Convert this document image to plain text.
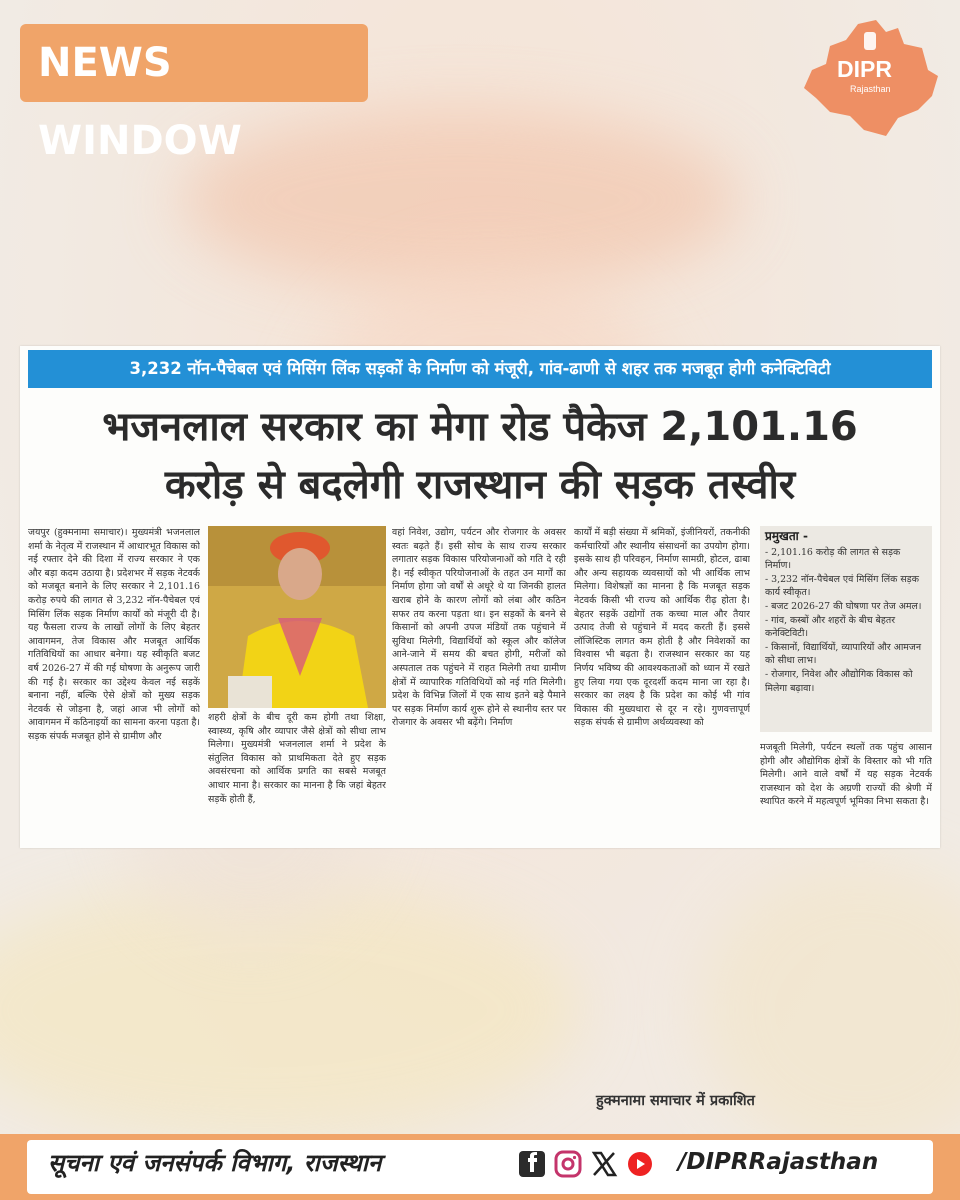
NEWS WINDOW
DIPR
Rajasthan
3,232 नॉन-पैचेबल एवं मिसिंग लिंक सड़कों के निर्माण को मंजूरी, गांव-ढाणी से शहर तक मजबूत होगी कनेक्टिविटी
भजनलाल सरकार का मेगा रोड पैकेज 2,101.16
करोड़ से बदलेगी राजस्थान की सड़क तस्वीर
जयपुर (हुक्मनामा समाचार)। मुख्यमंत्री भजनलाल शर्मा के नेतृत्व में राजस्थान में आधारभूत विकास को नई रफ्तार देने की दिशा में राज्य सरकार ने एक और बड़ा कदम उठाया है। प्रदेशभर में सड़क नेटवर्क को मजबूत बनाने के लिए सरकार ने 2,101.16 करोड़ रुपये की लागत से 3,232 नॉन-पैचेबल एवं मिसिंग लिंक सड़क निर्माण कार्यों को मंजूरी दी है। यह फैसला राज्य के लाखों लोगों के लिए बेहतर आवागमन, तेज विकास और मजबूत आर्थिक गतिविधियों का आधार बनेगा। यह स्वीकृति बजट वर्ष 2026-27 में की गई घोषणा के अनुरूप जारी की गई है। सरकार का उद्देश्य केवल नई सड़कें बनाना नहीं, बल्कि ऐसे क्षेत्रों को मुख्य सड़क नेटवर्क से जोड़ना है, जहां आज भी लोगों को आवागमन में कठिनाइयों का सामना करना पड़ता है। सड़क संपर्क मजबूत होने से ग्रामीण और
शहरी क्षेत्रों के बीच दूरी कम होगी तथा शिक्षा, स्वास्थ्य, कृषि और व्यापार जैसे क्षेत्रों को सीधा लाभ मिलेगा। मुख्यमंत्री भजनलाल शर्मा ने प्रदेश के संतुलित विकास को प्राथमिकता देते हुए सड़क अवसंरचना को आर्थिक प्रगति का सबसे मजबूत आधार माना है। सरकार का मानना है कि जहां बेहतर सड़कें होती हैं,
वहां निवेश, उद्योग, पर्यटन और रोजगार के अवसर स्वतः बढ़ते हैं। इसी सोच के साथ राज्य सरकार लगातार सड़क विकास परियोजनाओं को गति दे रही है। नई स्वीकृत परियोजनाओं के तहत उन मार्गों का निर्माण होगा जो वर्षों से अधूरे थे या जिनकी हालत खराब होने के कारण लोगों को लंबा और कठिन सफर तय करना पड़ता था। इन सड़कों के बनने से किसानों को अपनी उपज मंडियों तक पहुंचाने में सुविधा मिलेगी, विद्यार्थियों को स्कूल और कॉलेज आने-जाने में समय की बचत होगी, मरीजों को अस्पताल तक पहुंचने में राहत मिलेगी तथा ग्रामीण क्षेत्रों में व्यापारिक गतिविधियों को नई गति मिलेगी। प्रदेश के विभिन्न जिलों में एक साथ इतने बड़े पैमाने पर सड़क निर्माण कार्य शुरू होने से स्थानीय स्तर पर रोजगार के अवसर भी बढ़ेंगे। निर्माण
कार्यों में बड़ी संख्या में श्रमिकों, इंजीनियरों, तकनीकी कर्मचारियों और स्थानीय संसाधनों का उपयोग होगा। इसके साथ ही परिवहन, निर्माण सामग्री, होटल, ढाबा और अन्य सहायक व्यवसायों को भी आर्थिक लाभ मिलेगा। विशेषज्ञों का मानना है कि मजबूत सड़क नेटवर्क किसी भी राज्य को आर्थिक रीढ़ होता है। बेहतर सड़कें उद्योगों तक कच्चा माल और तैयार उत्पाद तेजी से पहुंचाने में मदद करती हैं। इससे लॉजिस्टिक लागत कम होती है और निवेशकों का विश्वास भी बढ़ता है। राजस्थान सरकार का यह निर्णय भविष्य की आवश्यकताओं को ध्यान में रखते हुए लिया गया एक दूरदर्शी कदम माना जा रहा है। सरकार का लक्ष्य है कि प्रदेश का कोई भी गांव विकास की मुख्यधारा से दूर न रहे। गुणवत्तापूर्ण सड़क संपर्क से ग्रामीण अर्थव्यवस्था को
प्रमुखता -

- 2,101.16 करोड़ की लागत से सड़क निर्माण।

- 3,232 नॉन-पैचेबल एवं मिसिंग लिंक सड़क कार्य स्वीकृत।

- बजट 2026-27 की घोषणा पर तेज अमल।

- गांव, कस्बों और शहरों के बीच बेहतर कनेक्टिविटी।

- किसानों, विद्यार्थियों, व्यापारियों और आमजन को सीधा लाभ।

- रोजगार, निवेश और औद्योगिक विकास को मिलेगा बढ़ावा।

मजबूती मिलेगी, पर्यटन स्थलों तक पहुंच आसान होगी और औद्योगिक क्षेत्रों के विस्तार को भी गति मिलेगी। आने वाले वर्षों में यह सड़क नेटवर्क राजस्थान को देश के अग्रणी राज्यों की श्रेणी में स्थापित करने में महत्वपूर्ण भूमिका निभा सकता है।
हुक्मनामा समाचार में प्रकाशित
सूचना एवं जनसंपर्क विभाग, राजस्थान	/DIPRRajasthan
